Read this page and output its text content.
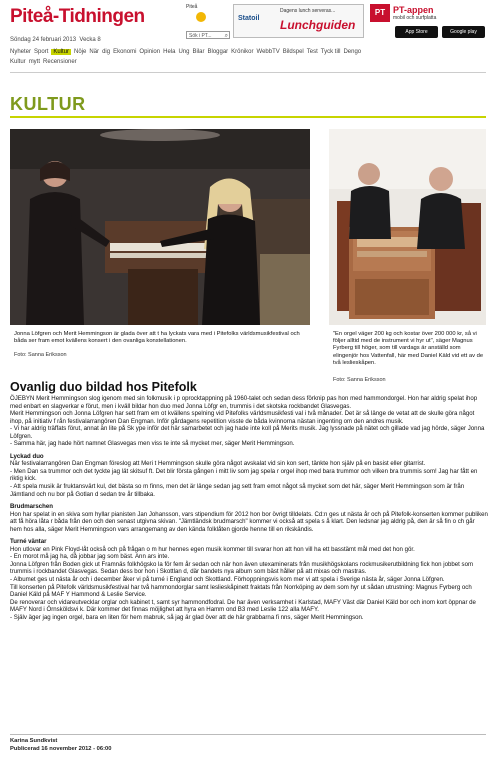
Piteå-Tidningen
Söndag 24 februari 2013 Vecka 8
Piteå
Sök i PT... ⌕
Statoil
Dagens lunch serveras...
Lunchguiden
PT PT-appen
mobil och surfplatta
App Store	Google play
Nyheter Sport Kultur Nöje När dig Ekonomi Opinion Hela Ung Bilar Bloggar Krönikor WebbTV Bildspel Test Tyck till Dengo
Kultur mytt Recensioner
KULTUR
Jonna Löfgren och Merit Hemmingson är glada över att t ha lyckats vara med i Pitefolks världsmusikfestival och båda ser fram emot kvällens konsert i den ovanliga konstellationen.
Foto: Sanna Eriksson
"En orgel väger 200 kg och kostar över 200 000 kr, så vi följer alltid med de instrument vi hyr ut", säger Magnus Fyrberg till höger, som till vardags är anställd som elingenjör hos Vattenfall, här med Daniel Käld vid ett av de två leslieskåpen.
Foto: Sanna Eriksson
Ovanlig duo bildad hos Pitefolk

ÖJEBYN Merit Hemmingson slog igenom med sin folkmusik i p oprocktappning på 1960-talet och sedan dess förknip pas hon med hammondorgel. Hon har aldrig spelat ihop med enbart en slagverkar e förut, men i kväll bildar hon duo med Jonna Löfgr en, trummis i det skotska rockbandet Glasvegas.

Merit Hemmingson och Jonna Löfgren har sett fram em ot kvällens spelning vid Pitefolks världsmusikfesti val i två månader. Det är så länge de vetat att de skulle göra något ihop, på initiativ f rån festivalarrangören Dan Engman. Inför gårdagens repetition visste de båda kvinnorna nästan ingenting om den andres musik.

- Vi har aldrig träffats förut, annat än lite på Sk ype inför det här samarbetet och jag hade inte koll på Merits musik. Jag lyssnade på nätet och gillade vad jag hörde, säger Jonna Löfgren.

- Samma här, jag hade hört namnet Glasvegas men viss te inte så mycket mer, säger Merit Hemmingson.

Lyckad duo

När festivalarrangören Dan Engman föreslog att Meri t Hemmingson skulle göra något avskalat vid sin kon sert, tänkte hon själv på en basist eller gitarrist.

- Men Dan sa trummor och det tyckte jag lät skitsuf ft. Det blir första gången i mitt liv som jag spela r orgel ihop med bara trummor och vilken bra trummis som! Jag har fått en riktig kick.

- Att spela musik är fruktansvärt kul, det bästa so m finns, men det är länge sedan jag sett fram emot något så mycket som det här, säger Merit Hemmingson som är från Jämtland och nu bor på Gotlan d sedan tre år tillbaka.

Brudmarschen

Hon har spelat in en skiva som hyllar pianisten Jan Johansson, vars stipendium för 2012 hon bor övrigt tilldelats. Cd:n ges ut nästa år och på Pitefolk-konserten kommer publiken att få höra låta r båda från den och den senast utgivna skivan. "Jämtländsk brudmarsch" kommer vi också att spela s å klart. Den ledsnar jag aldrig på, den är så fin o ch går hem hos alla, säger Merit Hemmingson vars arrangemang av den kända folklåten gjorde henne till en rikskändis.

Turné väntar

Hon utlovar en Pink Floyd-låt också och på frågan o m hur hennes egen musik kommer till svarar hon att hon vill ha ett basstämt mål med det hon gör.

- En morot må jag ha, då jobbar jag som bäst. Ann ars inte.

Jonna Löfgren från Boden gick ut Framnäs folkhögsko la för fem år sedan och när hon även utexaminerats från musikhögskolans rockmusikerutbildning fick hon jobbet som trummis i rockbandet Glasvegas. Sedan dess bor hon i Skottlan d, där bandets nya album som bäst håller på att mixas och mastras.

- Albumet ges ut nästa år och i december åker vi på turné i England och Skottland. Förhoppningsvis kom mer vi att spela i Sverige nästa år, säger Jonna Löfgren.

Till konserten på Pitefolk världsmusikfestival har två hammondorglar samt leslieskåpinett fraktats från Norrköping av dem som hyr ut sådan utrustning: Magnus Fyrberg och Daniel Käld på MAF Y Hammond & Leslie Service.

De renoverar och vidareutvecklar orglar och kabinet t, samt syr hammondfodral. De har även verksamhet i Karlstad, MAFY Väst där Daniel Käld bor och inom kort öppnar de MAFY Nord i Örnsköldsvi k. Där kommer det finnas möjlighet att hyra en Hamm ond B3 med Leslie 122 alla MAFY.

- Själv äger jag ingen orgel, bara en liten för hem mabruk, så jag är glad över att de här grabbarna fi nns, säger Merit Hemmingson.

Karina Sundkvist
Publicerad 16 november 2012 - 06:00
